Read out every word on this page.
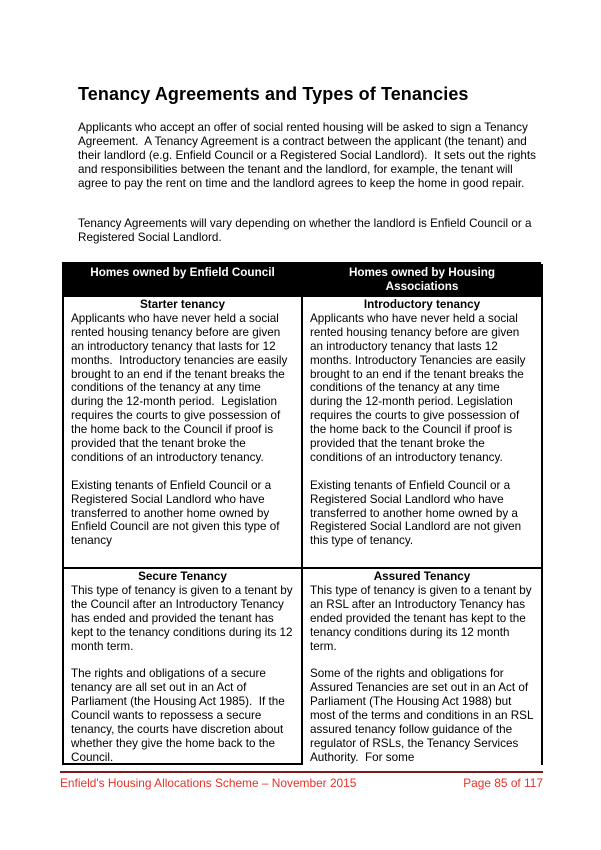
Tenancy Agreements and Types of Tenancies

Applicants who accept an offer of social rented housing will be asked to sign a Tenancy Agreement.  A Tenancy Agreement is a contract between the applicant (the tenant) and their landlord (e.g. Enfield Council or a Registered Social Landlord).  It sets out the rights and responsibilities between the tenant and the landlord, for example, the tenant will agree to pay the rent on time and the landlord agrees to keep the home in good repair.

Tenancy Agreements will vary depending on whether the landlord is Enfield Council or a Registered Social Landlord.

Homes owned by Enfield Council	Homes owned by Housing Associations
Starter tenancy

Applicants who have never held a social rented housing tenancy before are given an introductory tenancy that lasts for 12 months.  Introductory tenancies are easily brought to an end if the tenant breaks the conditions of the tenancy at any time during the 12-month period.  Legislation requires the courts to give possession of the home back to the Council if proof is provided that the tenant broke the conditions of an introductory tenancy.

Existing tenants of Enfield Council or a Registered Social Landlord who have transferred to another home owned by Enfield Council are not given this type of tenancy

Introductory tenancy

Applicants who have never held a social rented housing tenancy before are given an introductory tenancy that lasts 12 months. Introductory Tenancies are easily brought to an end if the tenant breaks the conditions of the tenancy at any time during the 12-month period. Legislation requires the courts to give possession of the home back to the Council if proof is provided that the tenant broke the conditions of an introductory tenancy.

Existing tenants of Enfield Council or a Registered Social Landlord who have transferred to another home owned by a Registered Social Landlord are not given this type of tenancy.

Secure Tenancy

This type of tenancy is given to a tenant by the Council after an Introductory Tenancy has ended and provided the tenant has kept to the tenancy conditions during its 12 month term.

The rights and obligations of a secure tenancy are all set out in an Act of Parliament (the Housing Act 1985).  If the Council wants to repossess a secure tenancy, the courts have discretion about whether they give the home back to the Council.

Assured Tenancy

This type of tenancy is given to a tenant by an RSL after an Introductory Tenancy has ended provided the tenant has kept to the tenancy conditions during its 12 month term.

Some of the rights and obligations for Assured Tenancies are set out in an Act of Parliament (The Housing Act 1988) but most of the terms and conditions in an RSL assured tenancy follow guidance of the regulator of RSLs, the Tenancy Services Authority.  For some

Enfield's Housing Allocations Scheme – November 2015	Page 85 of 117
